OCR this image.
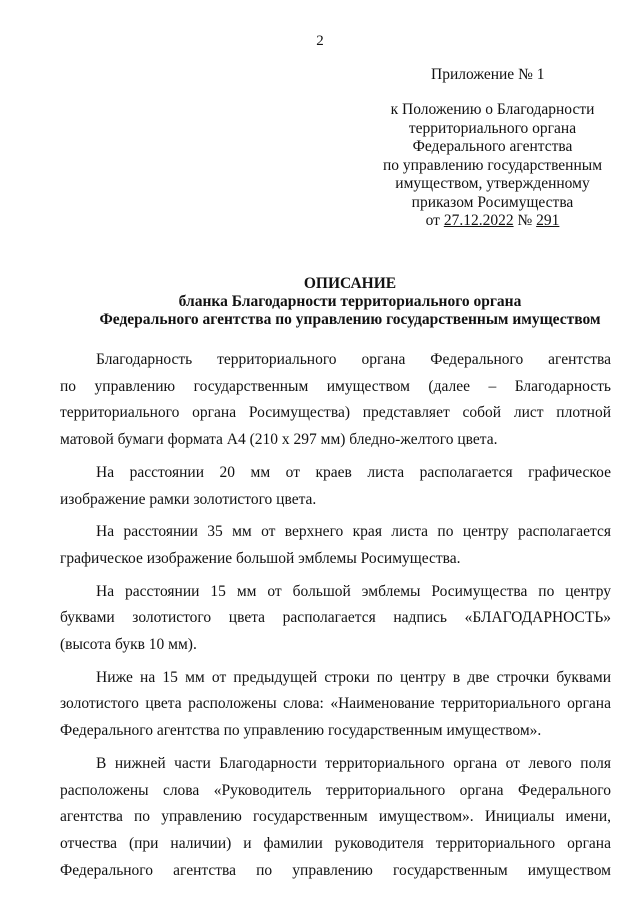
2
Приложение № 1
к Положению о Благодарности
территориального органа
Федерального агентства
по управлению государственным
имуществом, утвержденному
приказом Росимущества
от 27.12.2022 № 291
ОПИСАНИЕ
бланка Благодарности территориального органа
Федерального агентства по управлению государственным имуществом
Благодарность территориального органа Федерального агентства
по управлению государственным имуществом (далее – Благодарность
территориального органа Росимущества) представляет собой лист плотной
матовой бумаги формата А4 (210 х 297 мм) бледно-желтого цвета.
На расстоянии 20 мм от краев листа располагается графическое
изображение рамки золотистого цвета.
На расстоянии 35 мм от верхнего края листа по центру располагается
графическое изображение большой эмблемы Росимущества.
На расстоянии 15 мм от большой эмблемы Росимущества по центру
буквами золотистого цвета располагается надпись «БЛАГОДАРНОСТЬ»
(высота букв 10 мм).
Ниже на 15 мм от предыдущей строки по центру в две строчки буквами
золотистого цвета расположены слова: «Наименование территориального органа
Федерального агентства по управлению государственным имуществом».
В нижней части Благодарности территориального органа от левого поля
расположены слова «Руководитель территориального органа Федерального
агентства по управлению государственным имуществом». Инициалы имени,
отчества (при наличии) и фамилии руководителя территориального органа
Федерального агентства по управлению государственным имуществом
